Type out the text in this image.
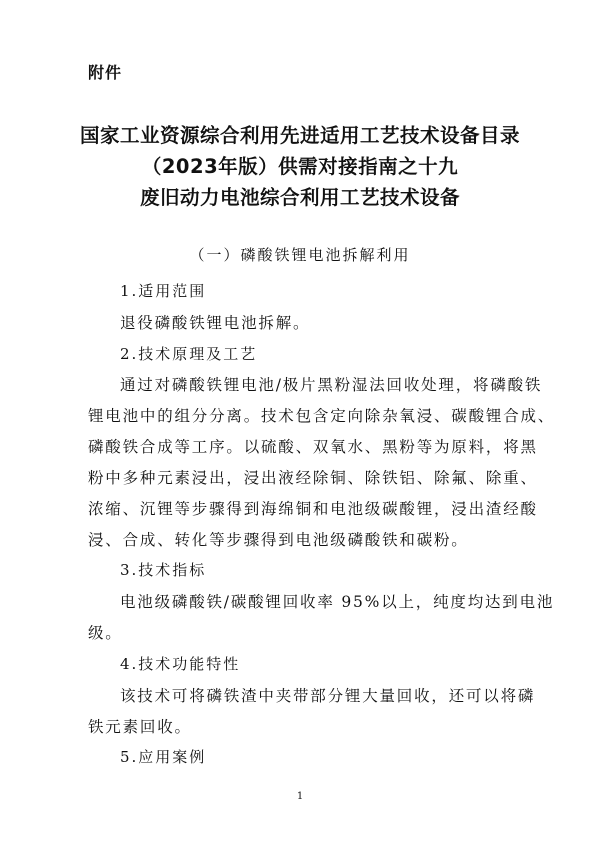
附件
国家工业资源综合利用先进适用工艺技术设备目录
（2023年版）供需对接指南之十九
废旧动力电池综合利用工艺技术设备
（一）磷酸铁锂电池拆解利用
1.适用范围
退役磷酸铁锂电池拆解。
2.技术原理及工艺
通过对磷酸铁锂电池/极片黑粉湿法回收处理，将磷酸铁
锂电池中的组分分离。技术包含定向除杂氧浸、碳酸锂合成、
磷酸铁合成等工序。以硫酸、双氧水、黑粉等为原料，将黑
粉中多种元素浸出，浸出液经除铜、除铁铝、除氟、除重、
浓缩、沉锂等步骤得到海绵铜和电池级碳酸锂，浸出渣经酸
浸、合成、转化等步骤得到电池级磷酸铁和碳粉。
3.技术指标
电池级磷酸铁/碳酸锂回收率 95%以上，纯度均达到电池
级。
4.技术功能特性
该技术可将磷铁渣中夹带部分锂大量回收，还可以将磷
铁元素回收。
5.应用案例
1
